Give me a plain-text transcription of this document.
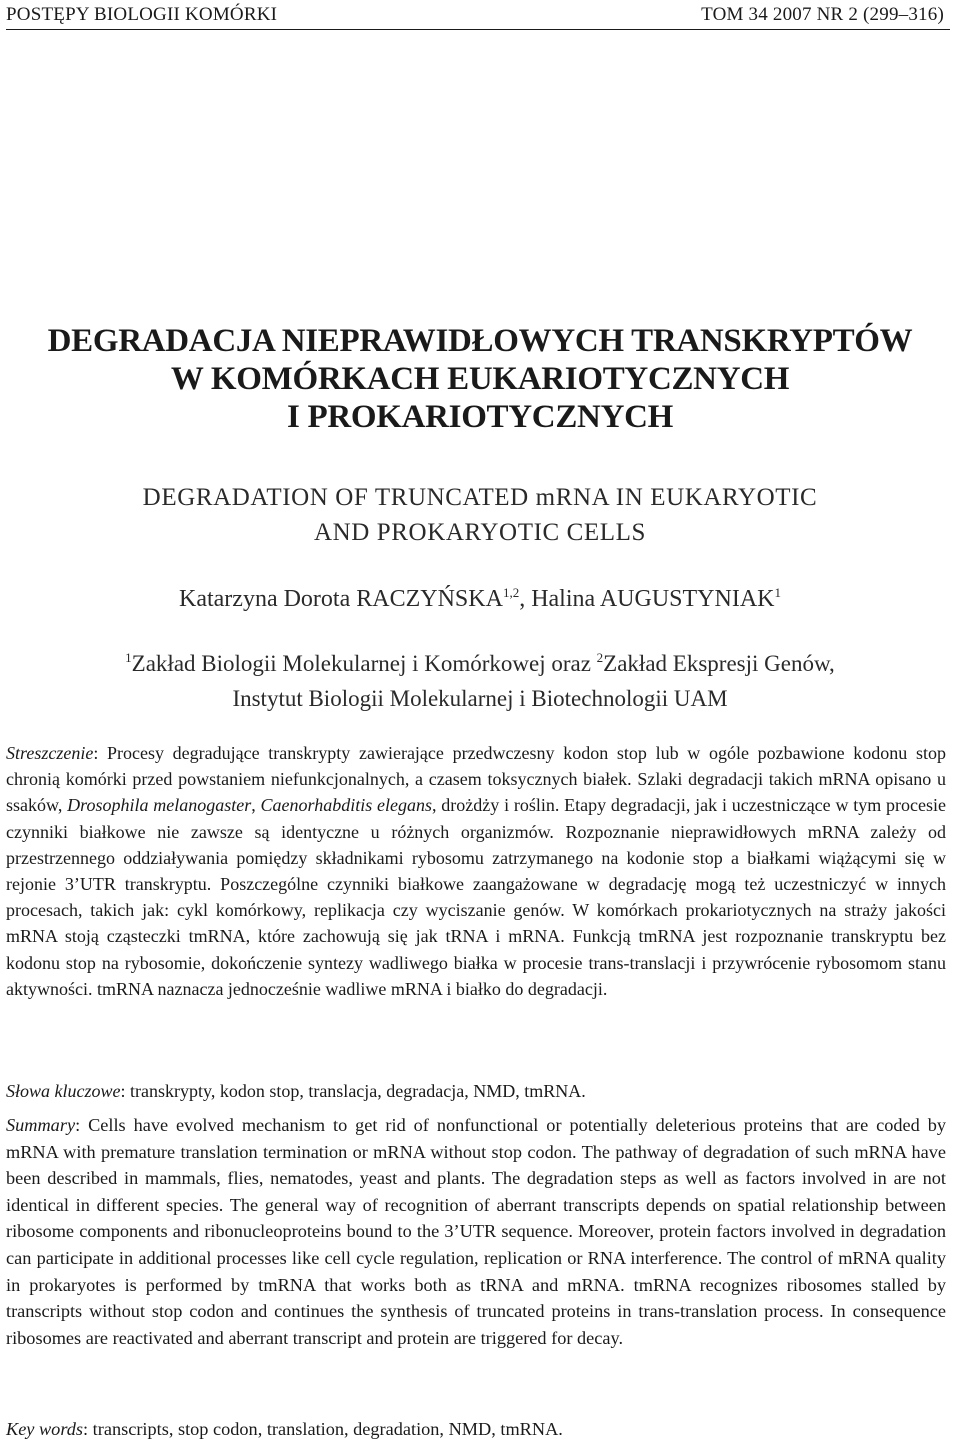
POSTĘPY BIOLOGII KOMÓRKI	TOM 34 2007 NR 2 (299–316)
DEGRADACJA NIEPRAWIDŁOWYCH TRANSKRYPTÓW
W KOMÓRKACH EUKARIOTYCZNYCH
I PROKARIOTYCZNYCH
DEGRADATION OF TRUNCATED mRNA IN EUKARYOTIC
AND PROKARYOTIC CELLS
Katarzyna Dorota RACZYŃSKA$^{1,2}$, Halina AUGUSTYNIAK$^1$
$^1$Zakład Biologii Molekularnej i Komórkowej oraz $^2$Zakład Ekspresji Genów,
Instytut Biologii Molekularnej i Biotechnologii UAM

Streszczenie: Procesy degradujące transkrypty zawierające przedwczesny kodon stop lub w ogóle pozbawione kodonu stop chronią komórki przed powstaniem niefunkcjonalnych, a czasem toksycznych białek. Szlaki degradacji takich mRNA opisano u ssaków, Drosophila melanogaster, Caenorhabditis elegans, drożdży i roślin. Etapy degradacji, jak i uczestniczące w tym procesie czynniki białkowe nie zawsze są identyczne u różnych organizmów. Rozpoznanie nieprawidłowych mRNA zależy od przestrzennego oddziaływania pomiędzy składnikami rybosomu zatrzymanego na kodonie stop a białkami wiążącymi się w rejonie 3’UTR transkryptu. Poszczególne czynniki białkowe zaangażowane w degradację mogą też uczestniczyć w innych procesach, takich jak: cykl komórkowy, replikacja czy wyciszanie genów. W komórkach prokariotycznych na straży jakości mRNA stoją cząsteczki tmRNA, które zachowują się jak tRNA i mRNA. Funkcją tmRNA jest rozpoznanie transkryptu bez kodonu stop na rybosomie, dokończenie syntezy wadliwego białka w procesie trans-translacji i przywrócenie rybosomom stanu aktywności. tmRNA naznacza jednocześnie wadliwe mRNA i białko do degradacji.

Słowa kluczowe: transkrypty, kodon stop, translacja, degradacja, NMD, tmRNA.

Summary: Cells have evolved mechanism to get rid of nonfunctional or potentially deleterious proteins that are coded by mRNA with premature translation termination or mRNA without stop codon. The pathway of degradation of such mRNA have been described in mammals, flies, nematodes, yeast and plants. The degradation steps as well as factors involved in are not identical in different species. The general way of recognition of aberrant transcripts depends on spatial relationship between ribosome components and ribonucleoproteins bound to the 3’UTR sequence. Moreover, protein factors involved in degradation can participate in additional processes like cell cycle regulation, replication or RNA interference. The control of mRNA quality in prokaryotes is performed by tmRNA that works both as tRNA and mRNA. tmRNA recognizes ribosomes stalled by transcripts without stop codon and continues the synthesis of truncated proteins in trans-translation process. In consequence ribosomes are reactivated and aberrant transcript and protein are triggered for decay.

Key words: transcripts, stop codon, translation, degradation, NMD, tmRNA.
